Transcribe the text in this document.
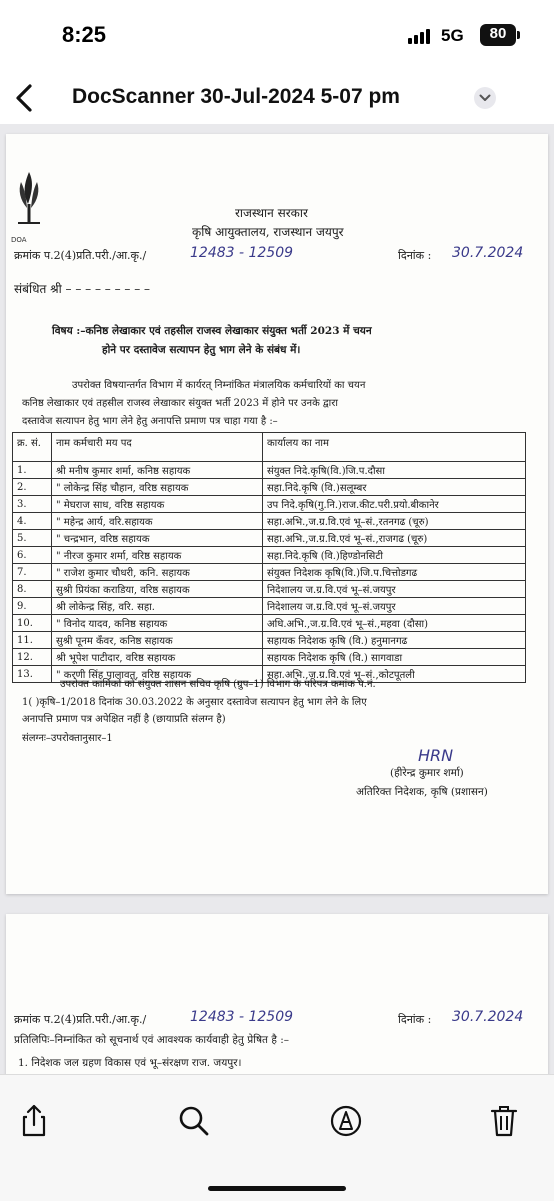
8:25	5G	80
DocScanner 30-Jul-2024 5-07 pm
DOA
राजस्थान सरकार
कृषि आयुक्तालय, राजस्थान जयपुर
क्रमांक प.2(4)प्रति.परी./आ.कृ./	12483 - 12509	दिनांक : 30.7.2024
संबंधित श्री – – – – – – – – –
विषय :–कनिष्ठ लेखाकार एवं तहसील राजस्व लेखाकार संयुक्त भर्ती 2023 में चयन
होने पर दस्तावेज सत्यापन हेतु भाग लेने के संबंध में।
उपरोक्त विषयान्तर्गत विभाग में कार्यरत् निम्नांकित मंत्रालयिक कर्मचारियों का चयन
कनिष्ठ लेखाकार एवं तहसील राजस्व लेखाकार संयुक्त भर्ती 2023 में होने पर उनके द्वारा
दस्तावेज सत्यापन हेतु भाग लेने हेतु अनापत्ति प्रमाण पत्र चाहा गया है :–
क्र. सं.	नाम कर्मचारी मय पद	कार्यालय का नाम
1.	श्री मनीष कुमार शर्मा, कनिष्ठ सहायक	संयुक्त निदे.कृषि(वि.)जि.प.दौसा
2.	" लोकेन्द्र सिंह चौहान, वरिष्ठ सहायक	सहा.निदे.कृषि (वि.)सलूम्बर
3.	" मेघराज साध, वरिष्ठ सहायक	उप निदे.कृषि(गु.नि.)राज.कीट.परी.प्रयो.बीकानेर
4.	" महेन्द्र आर्य, वरि.सहायक	सहा.अभि.,ज.ग्र.वि.एवं भू–सं.,रतनगढ (चूरु)
5.	" चन्द्रभान, वरिष्ठ सहायक	सहा.अभि.,ज.ग्र.वि.एवं भू–सं.,राजगढ (चूरु)
6.	" नीरज कुमार शर्मा, वरिष्ठ सहायक	सहा.निदे.कृषि (वि.)हिण्डोनसिटी
7.	" राजेश कुमार चौधरी, कनि. सहायक	संयुक्त निदेशक कृषि(वि.)जि.प.चित्तोडगढ
8.	सुश्री प्रियंका कराडिया, वरिष्ठ सहायक	निदेशालय ज.ग्र.वि.एवं भू–सं.जयपुर
9.	श्री लोकेन्द्र सिंह, वरि. सहा.	निदेशालय ज.ग्र.वि.एवं भू–सं.जयपुर
10.	" विनोद यादव, कनिष्ठ सहायक	अधि.अभि.,ज.ग्र.वि.एवं भू–सं.,महवा (दौसा)
11.	सुश्री पूनम कँवर, कनिष्ठ सहायक	सहायक निदेशक कृषि (वि.) हनुमानगढ
12.	श्री भूपेश पाटीदार, वरिष्ठ सहायक	सहायक निदेशक कृषि (वि.) सागवाडा
13.	" करणी सिंह पालावत्, वरिष्ठ सहायक	सहा.अभि.,ज.ग्र.वि.एवं भू–सं.,कोटपूतली
उपरोक्त कार्मिकों को संयुक्त शासन सचिव कृषि (ग्रुप–1) विभाग के परिपत्र कमांक प.नं.
1( )कृषि–1/2018 दिनांक 30.03.2022 के अनुसार दस्तावेज सत्यापन हेतु भाग लेने के लिए
अनापत्ति प्रमाण पत्र अपेक्षित नहीं है (छायाप्रति संलग्न है)
संलग्नः–उपरोक्तानुसार–1
HRN
(हीरेन्द्र कुमार शर्मा)
अतिरिक्त निदेशक, कृषि (प्रशासन)
क्रमांक प.2(4)प्रति.परी./आ.कृ./	12483 - 12509	दिनांक : 30.7.2024
प्रतिलिपिः–निम्नांकित को सूचनार्थ एवं आवश्यक कार्यवाही हेतु प्रेषित है :–
1. निदेशक जल ग्रहण विकास एवं भू–संरक्षण राज. जयपुर।
